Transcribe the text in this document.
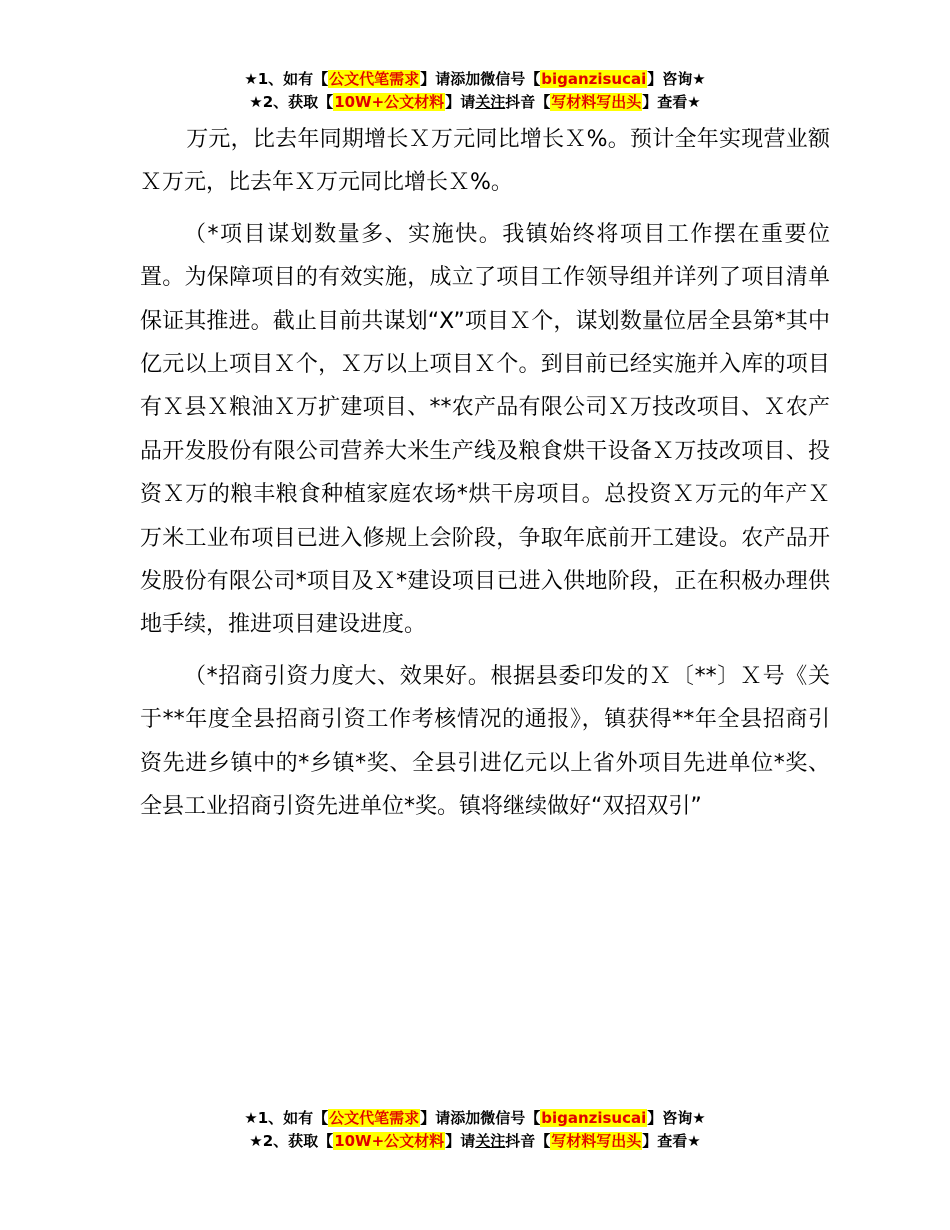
★1、如有【公文代笔需求】请添加微信号【biganzisucai】咨询★
★2、获取【10W+公文材料】请关注抖音【写材料写出头】查看★

万元，比去年同期增长Ｘ万元同比增长Ｘ%。预计全年实现营业额Ｘ万元，比去年Ｘ万元同比增长Ｘ%。

（*项目谋划数量多、实施快。我镇始终将项目工作摆在重要位置。为保障项目的有效实施，成立了项目工作领导组并详列了项目清单保证其推进。截止目前共谋划“X”项目Ｘ个，谋划数量位居全县第*其中亿元以上项目Ｘ个，Ｘ万以上项目Ｘ个。到目前已经实施并入库的项目有Ｘ县Ｘ粮油Ｘ万扩建项目、**农产品有限公司Ｘ万技改项目、Ｘ农产品开发股份有限公司营养大米生产线及粮食烘干设备Ｘ万技改项目、投资Ｘ万的粮丰粮食种植家庭农场*烘干房项目。总投资Ｘ万元的年产Ｘ万米工业布项目已进入修规上会阶段，争取年底前开工建设。农产品开发股份有限公司*项目及Ｘ*建设项目已进入供地阶段，正在积极办理供地手续，推进项目建设进度。

（*招商引资力度大、效果好。根据县委印发的Ｘ〔**〕Ｘ号《关于**年度全县招商引资工作考核情况的通报》，镇获得**年全县招商引资先进乡镇中的*乡镇*奖、全县引进亿元以上省外项目先进单位*奖、全县工业招商引资先进单位*奖。镇将继续做好“双招双引”

★1、如有【公文代笔需求】请添加微信号【biganzisucai】咨询★
★2、获取【10W+公文材料】请关注抖音【写材料写出头】查看★
